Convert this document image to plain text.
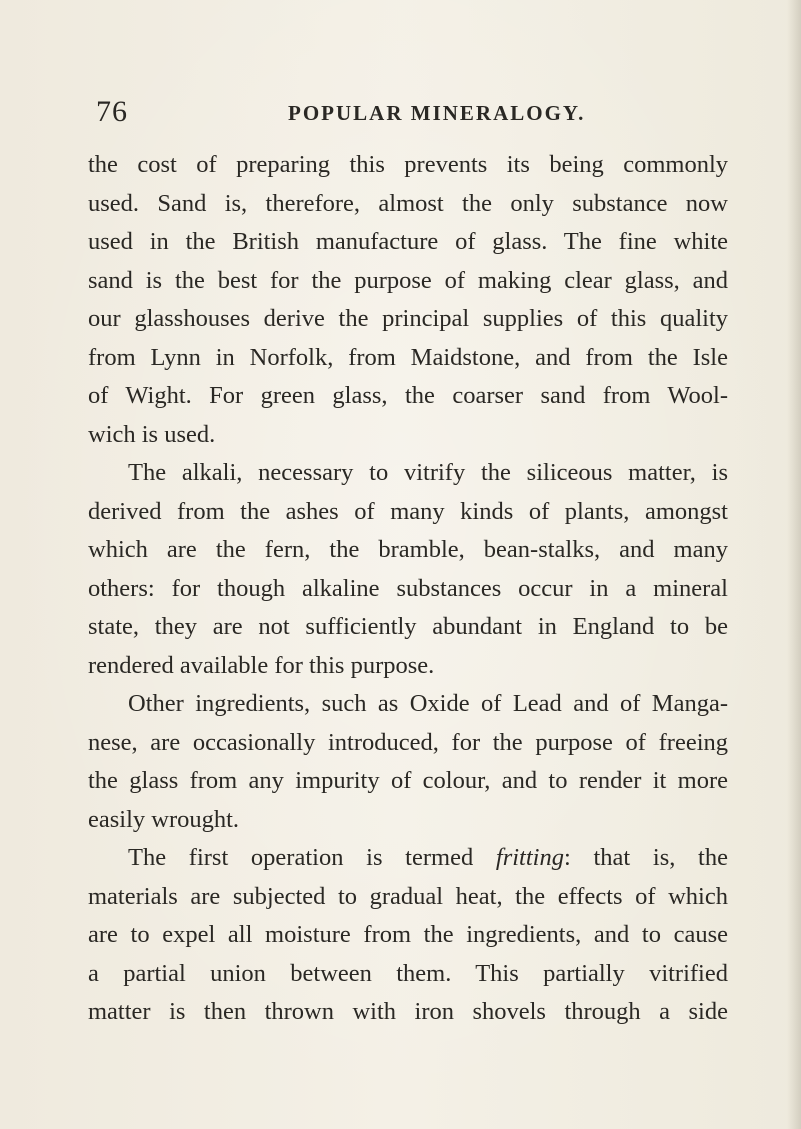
76	POPULAR MINERALOGY.
the cost of preparing this prevents its being commonly
used. Sand is, therefore, almost the only substance now
used in the British manufacture of glass. The fine white
sand is the best for the purpose of making clear glass, and
our glasshouses derive the principal supplies of this quality
from Lynn in Norfolk, from Maidstone, and from the Isle
of Wight. For green glass, the coarser sand from Wool-
wich is used.
The alkali, necessary to vitrify the siliceous matter, is
derived from the ashes of many kinds of plants, amongst
which are the fern, the bramble, bean-stalks, and many
others: for though alkaline substances occur in a mineral
state, they are not sufficiently abundant in England to be
rendered available for this purpose.
Other ingredients, such as Oxide of Lead and of Manga-
nese, are occasionally introduced, for the purpose of freeing
the glass from any impurity of colour, and to render it more
easily wrought.
The first operation is termed fritting: that is, the
materials are subjected to gradual heat, the effects of which
are to expel all moisture from the ingredients, and to cause
a partial union between them. This partially vitrified
matter is then thrown with iron shovels through a side
